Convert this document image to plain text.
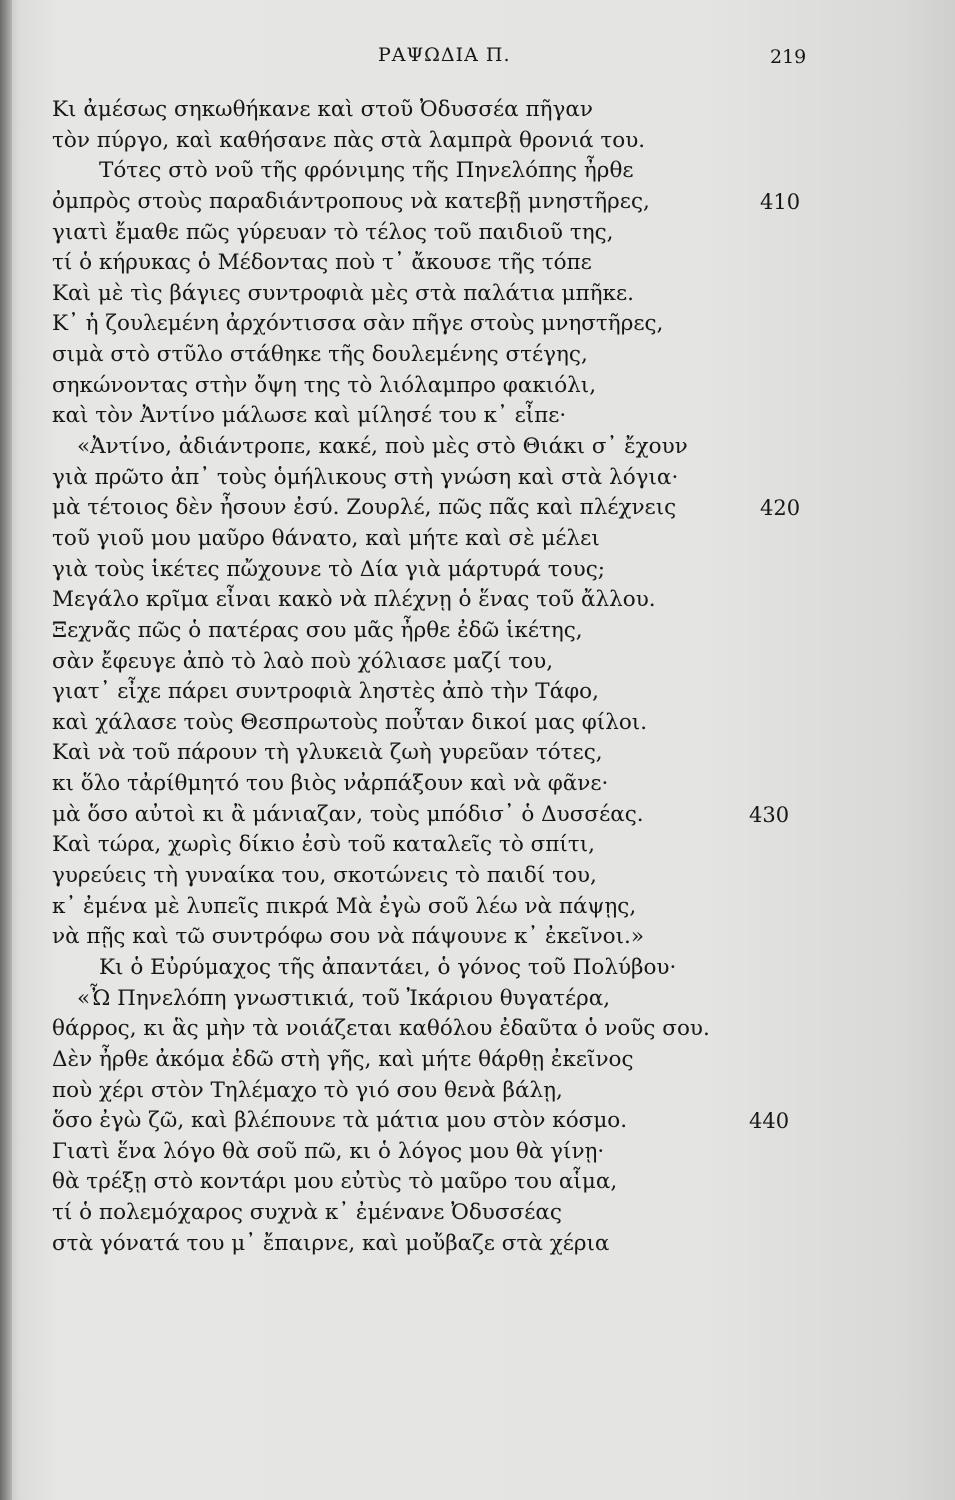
ΡΑΨΩΔΙΑ Π.	219
Κι ἀμέσως σηκωθήκανε καὶ στοῦ Ὀδυσσέα πῆγαν
τὸν πύργο, καὶ καθήσανε πὰς στὰ λαμπρὰ θρονιά του.
Τότες στὸ νοῦ τῆς φρόνιμης τῆς Πηνελόπης ἦρθε
ὀμπρὸς στοὺς παραδιάντροπους νὰ κατεβῇ μνηστῆρες,	410
γιατὶ ἔμαθε πῶς γύρευαν τὸ τέλος τοῦ παιδιοῦ της,
τί ὁ κήρυκας ὁ Μέδοντας ποὺ τ᾿ ἄκουσε τῆς τόπε
Καὶ μὲ τὶς βάγιες συντροφιὰ μὲς στὰ παλάτια μπῆκε.
Κ᾿ ἡ ζουλεμένη ἀρχόντισσα σὰν πῆγε στοὺς μνηστῆρες,
σιμὰ στὸ στῦλο στάθηκε τῆς δουλεμένης στέγης,
σηκώνοντας στὴν ὄψη της τὸ λιόλαμπρο φακιόλι,
καὶ τὸν Ἀντίνο μάλωσε καὶ μίλησέ του κ᾿ εἶπε·
«Ἀντίνο, ἀδιάντροπε, κακέ, ποὺ μὲς στὸ Θιάκι σ᾿ ἔχουν
γιὰ πρῶτο ἀπ᾿ τοὺς ὁμήλικους στὴ γνώση καὶ στὰ λόγια·
μὰ τέτοιος δὲν ἦσουν ἐσύ. Ζουρλέ, πῶς πᾶς καὶ πλέχνεις	420
τοῦ γιοῦ μου μαῦρο θάνατο, καὶ μήτε καὶ σὲ μέλει
γιὰ τοὺς ἱκέτες πὤχουνε τὸ Δία γιὰ μάρτυρά τους;
Μεγάλο κρῖμα εἶναι κακὸ νὰ πλέχνῃ ὁ ἕνας τοῦ ἄλλου.
Ξεχνᾶς πῶς ὁ πατέρας σου μᾶς ἦρθε ἐδῶ ἱκέτης,
σὰν ἔφευγε ἀπὸ τὸ λαὸ ποὺ χόλιασε μαζί του,
γιατ᾿ εἶχε πάρει συντροφιὰ ληστὲς ἀπὸ τὴν Τάφο,
καὶ χάλασε τοὺς Θεσπρωτοὺς ποὖταν δικοί μας φίλοι.
Καὶ νὰ τοῦ πάρουν τὴ γλυκειὰ ζωὴ γυρεῦαν τότες,
κι ὅλο τἀρίθμητό του βιὸς νἀρπάξουν καὶ νὰ φᾶνε·
μὰ ὅσο αὐτοὶ κι ἂ μάνιαζαν, τοὺς μπόδισ᾿ ὁ Δυσσέας.	430
Καὶ τώρα, χωρὶς δίκιο ἐσὺ τοῦ καταλεῖς τὸ σπίτι,
γυρεύεις τὴ γυναίκα του, σκοτώνεις τὸ παιδί του,
κ᾿ ἐμένα μὲ λυπεῖς πικρά Μὰ ἐγὼ σοῦ λέω νὰ πάψῃς,
νὰ πῇς καὶ τῶ συντρόφω σου νὰ πάψουνε κ᾿ ἐκεῖνοι.»
Κι ὁ Εὐρύμαχος τῆς ἀπαντάει, ὁ γόνος τοῦ Πολύβου·
«Ὦ Πηνελόπη γνωστικιά, τοῦ Ἰκάριου θυγατέρα,
θάρρος, κι ἃς μὴν τὰ νοιάζεται καθόλου ἐδαῦτα ὁ νοῦς σου.
Δὲν ἦρθε ἀκόμα ἐδῶ στὴ γῆς, καὶ μήτε θάρθῃ ἐκεῖνος
ποὺ χέρι στὸν Τηλέμαχο τὸ γιό σου θενὰ βάλῃ,
ὅσο ἐγὼ ζῶ, καὶ βλέπουνε τὰ μάτια μου στὸν κόσμο.	440
Γιατὶ ἕνα λόγο θὰ σοῦ πῶ, κι ὁ λόγος μου θὰ γίνῃ·
θὰ τρέξῃ στὸ κοντάρι μου εὐτὺς τὸ μαῦρο του αἷμα,
τί ὁ πολεμόχαρος συχνὰ κ᾿ ἐμένανε Ὀδυσσέας
στὰ γόνατά του μ᾿ ἔπαιρνε, καὶ μοὔβαζε στὰ χέρια
